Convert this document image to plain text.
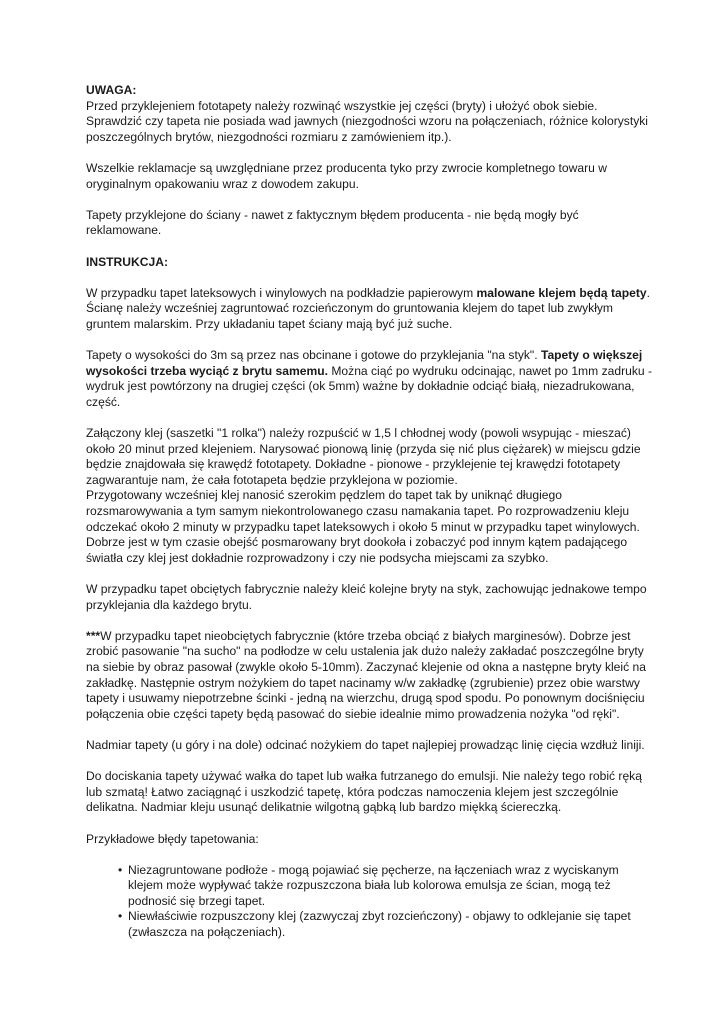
UWAGA:
Przed przyklejeniem fototapety należy rozwinąć wszystkie jej części (bryty) i ułożyć obok siebie. Sprawdzić czy tapeta nie posiada wad jawnych (niezgodności wzoru na połączeniach, różnice kolorystyki poszczególnych brytów, niezgodności rozmiaru z zamówieniem itp.).

Wszelkie reklamacje są uwzględniane przez producenta tyko przy zwrocie kompletnego towaru w oryginalnym opakowaniu wraz z dowodem zakupu.

Tapety przyklejone do ściany - nawet z faktycznym błędem producenta - nie będą mogły być reklamowane.

INSTRUKCJA:

W przypadku tapet lateksowych i winylowych na podkładzie papierowym malowane klejem będą tapety. Ścianę należy wcześniej zagruntować rozcieńczonym do gruntowania klejem do tapet lub zwykłym gruntem malarskim. Przy układaniu tapet ściany mają być już suche.

Tapety o wysokości do 3m są przez nas obcinane i gotowe do przyklejania "na styk". Tapety o większej wysokości trzeba wyciąć z brytu samemu. Można ciąć po wydruku odcinając, nawet po 1mm zadruku - wydruk jest powtórzony na drugiej części (ok 5mm) ważne by dokładnie odciąć białą, niezadrukowana, część.

Załączony klej (saszetki "1 rolka") należy rozpuścić w 1,5 l chłodnej wody (powoli wsypując - mieszać) około 20 minut przed klejeniem. Narysować pionową linię (przyda się nić plus ciężarek) w miejscu gdzie będzie znajdowała się krawędź fototapety. Dokładne - pionowe - przyklejenie tej krawędzi fototapety zagwarantuje nam, że cała fototapeta będzie przyklejona w poziomie.
Przygotowany wcześniej klej nanosić szerokim pędzlem do tapet tak by uniknąć długiego rozsmarowywania a tym samym niekontrolowanego czasu namakania tapet. Po rozprowadzeniu kleju odczekać około 2 minuty w przypadku tapet lateksowych i około 5 minut w przypadku tapet winylowych. Dobrze jest w tym czasie obejść posmarowany bryt dookoła i zobaczyć pod innym kątem padającego światła czy klej jest dokładnie rozprowadzony i czy nie podsycha miejscami za szybko.

W przypadku tapet obciętych fabrycznie należy kleić kolejne bryty na styk, zachowując jednakowe tempo przyklejania dla każdego brytu.

***W przypadku tapet nieobciętych fabrycznie (które trzeba obciąć z białych marginesów). Dobrze jest zrobić pasowanie "na sucho" na podłodze w celu ustalenia jak dużo należy zakładać poszczególne bryty na siebie by obraz pasował (zwykle około 5-10mm). Zaczynać klejenie od okna a następne bryty kleić na zakładkę. Następnie ostrym nożykiem do tapet nacinamy w/w zakładkę (zgrubienie) przez obie warstwy tapety i usuwamy niepotrzebne ścinki - jedną na wierzchu, drugą spod spodu. Po ponownym dociśnięciu połączenia obie części tapety będą pasować do siebie idealnie mimo prowadzenia nożyka "od ręki".

Nadmiar tapety (u góry i na dole) odcinać nożykiem do tapet najlepiej prowadząc linię cięcia wzdłuż liniji.

Do dociskania tapety używać wałka do tapet lub wałka futrzanego do emulsji. Nie należy tego robić ręką lub szmatą! Łatwo zaciągnąć i uszkodzić tapetę, która podczas namoczenia klejem jest szczególnie delikatna. Nadmiar kleju usunąć delikatnie wilgotną gąbką lub bardzo miękką ściereczką.

Przykładowe błędy tapetowania:

• Niezagruntowane podłoże - mogą pojawiać się pęcherze, na łączeniach wraz z wyciskanym klejem może wypływać także rozpuszczona biała lub kolorowa emulsja ze ścian, mogą też podnosić się brzegi tapet.
• Niewłaściwie rozpuszczony klej (zazwyczaj zbyt rozcieńczony) - objawy to odklejanie się tapet (zwłaszcza na połączeniach).
